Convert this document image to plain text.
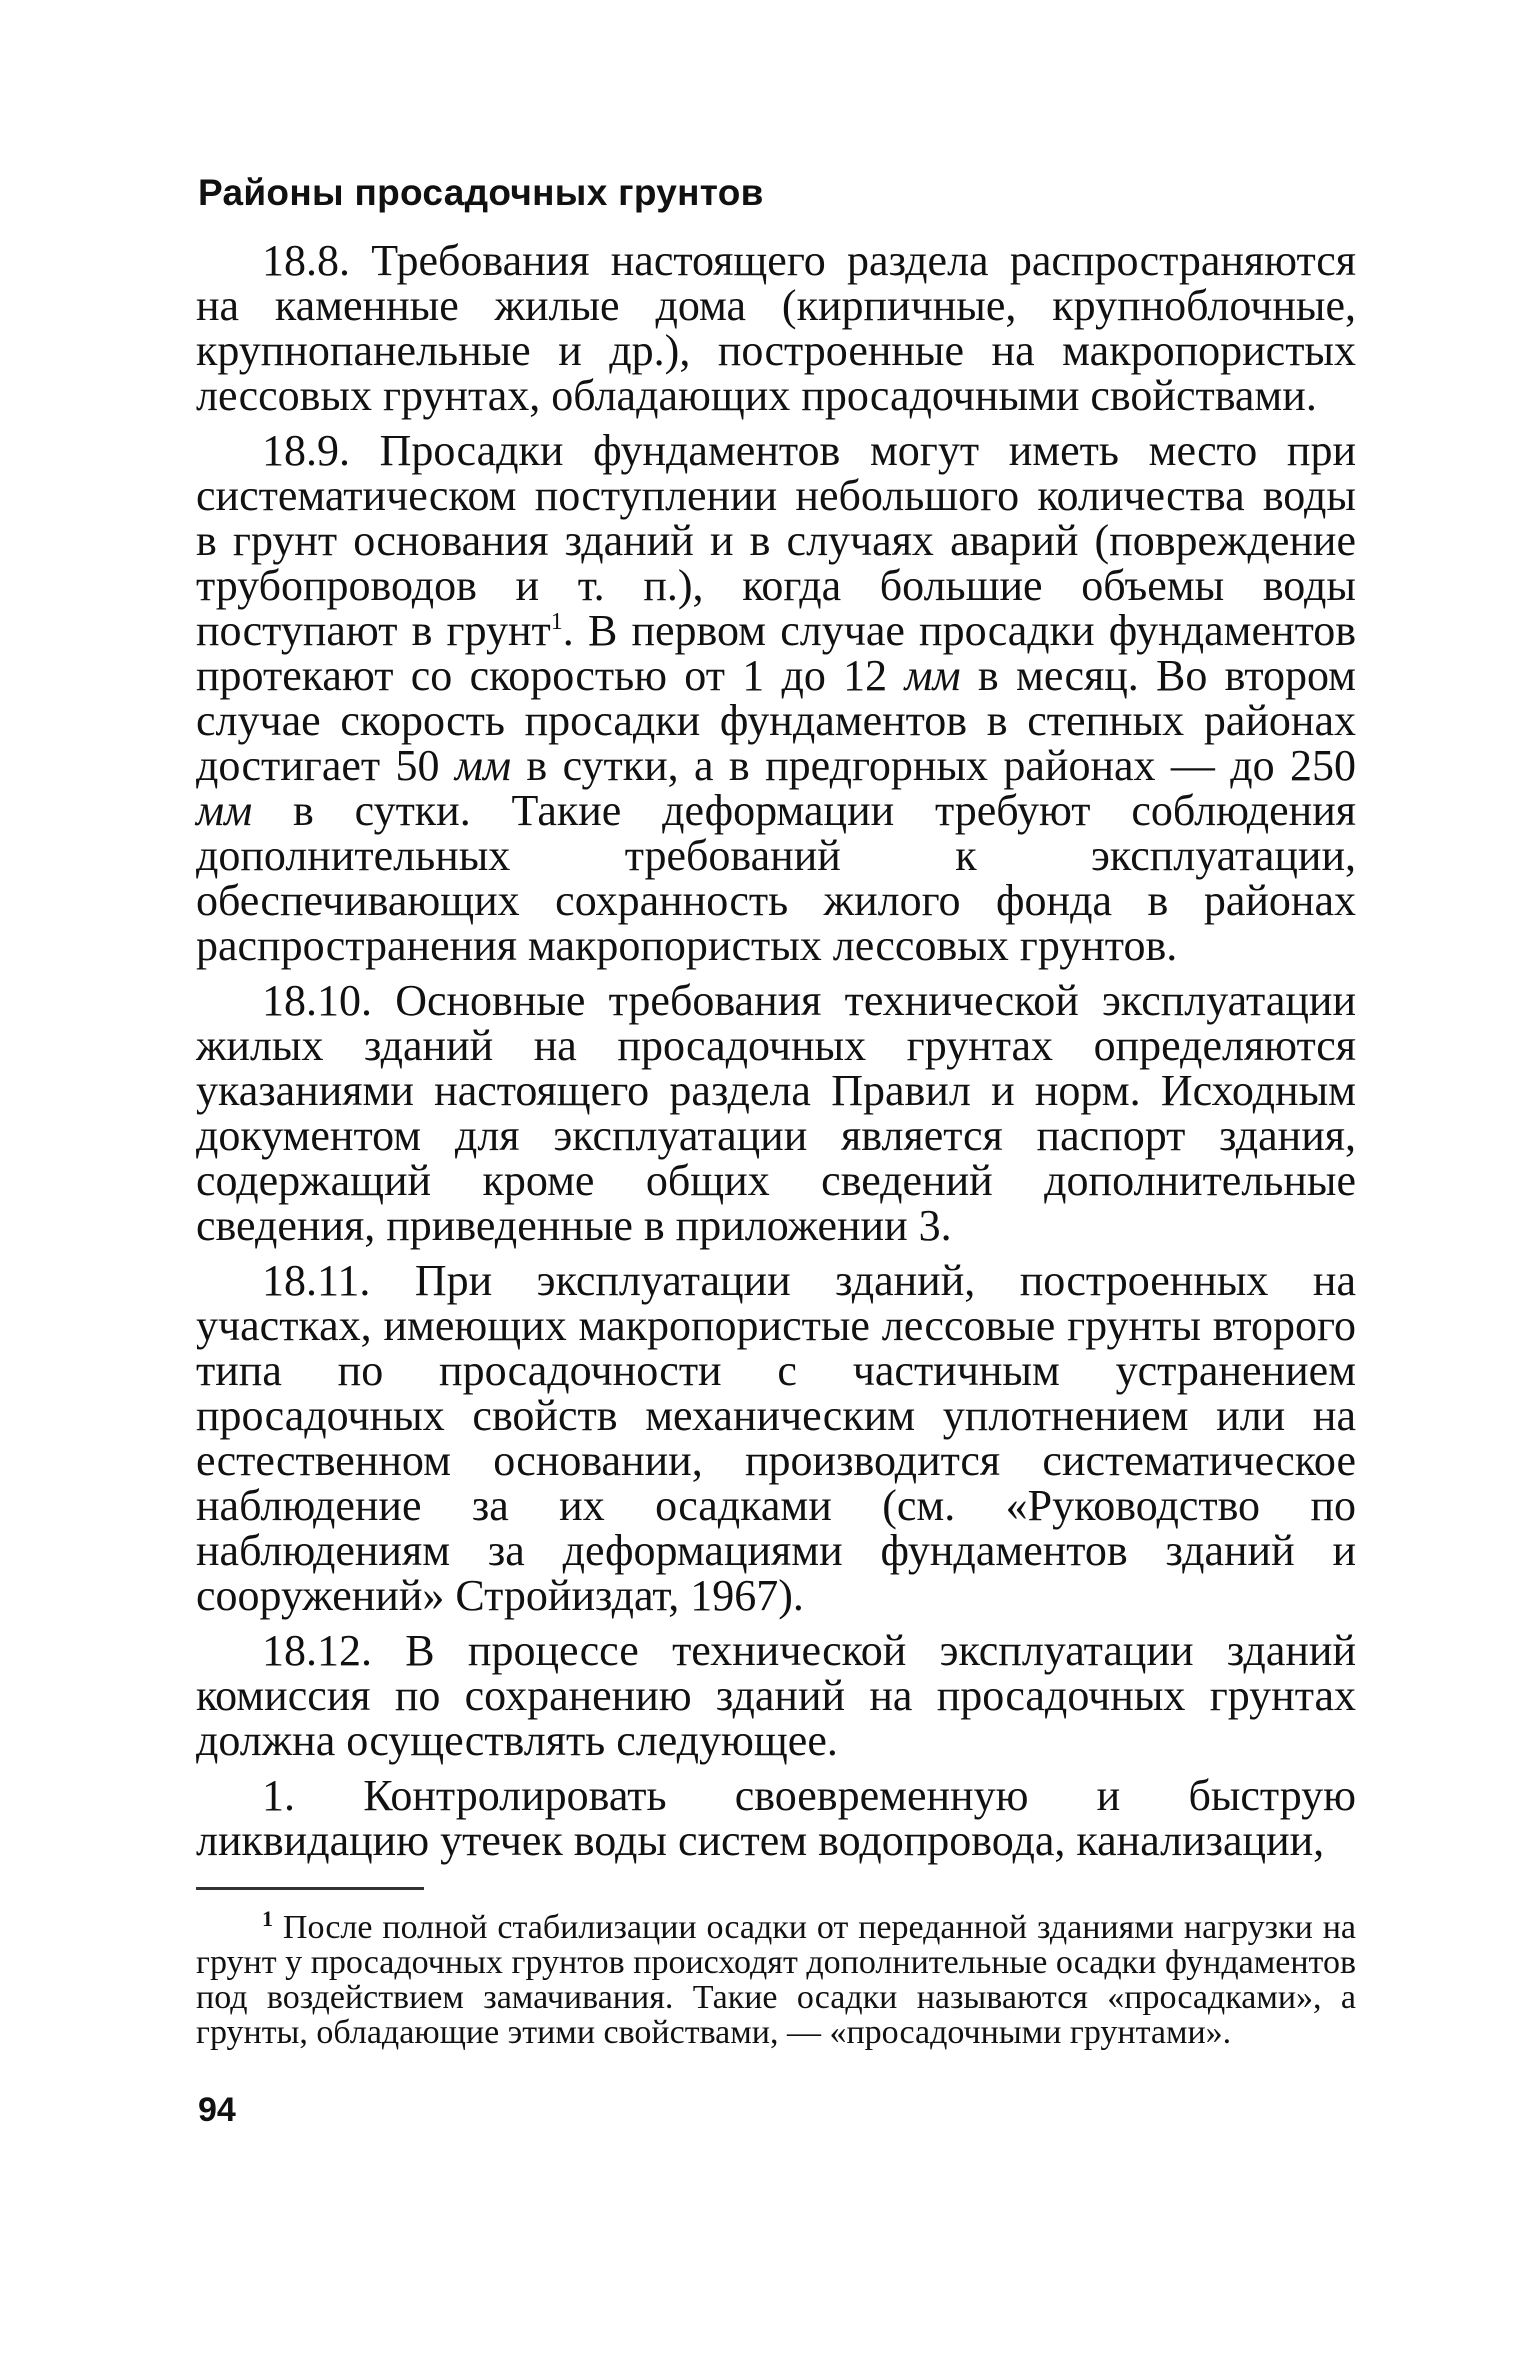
Районы просадочных грунтов

18.8. Требования настоящего раздела распространяются на каменные жилые дома (кирпичные, крупноблочные, крупнопанельные и др.), построенные на макропористых лессовых грунтах, обладающих просадочными свойствами.

18.9. Просадки фундаментов могут иметь место при систематическом поступлении небольшого количества воды в грунт основания зданий и в случаях аварий (повреждение трубопроводов и т. п.), когда большие объемы воды поступают в грунт$^1$. В первом случае просадки фундаментов протекают со скоростью от 1 до 12 мм в месяц. Во втором случае скорость просадки фундаментов в степных районах достигает 50 мм в сутки, а в предгорных районах — до 250 мм в сутки. Такие деформации требуют соблюдения дополнительных требований к эксплуатации, обеспечивающих сохранность жилого фонда в районах распространения макропористых лессовых грунтов.

18.10. Основные требования технической эксплуатации жилых зданий на просадочных грунтах определяются указаниями настоящего раздела Правил и норм. Исходным документом для эксплуатации является паспорт здания, содержащий кроме общих сведений дополнительные сведения, приведенные в приложении 3.

18.11. При эксплуатации зданий, построенных на участках, имеющих макропористые лессовые грунты второго типа по просадочности с частичным устранением просадочных свойств механическим уплотнением или на естественном основании, производится систематическое наблюдение за их осадками (см. «Руководство по наблюдениям за деформациями фундаментов зданий и сооружений» Стройиздат, 1967).

18.12. В процессе технической эксплуатации зданий комиссия по сохранению зданий на просадочных грунтах должна осуществлять следующее.

1. Контролировать своевременную и быструю ликвидацию утечек воды систем водопровода, канализации,

$^1$ После полной стабилизации осадки от переданной зданиями нагрузки на грунт у просадочных грунтов происходят дополнительные осадки фундаментов под воздействием замачивания. Такие осадки называются «просадками», а грунты, обладающие этими свойствами, — «просадочными грунтами».

94
